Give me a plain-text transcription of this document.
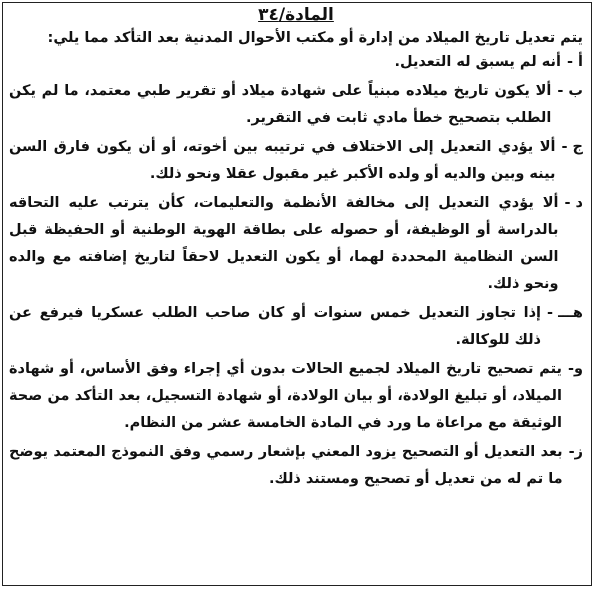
المادة/٣٤

يتم تعديل تاريخ الميلاد من إدارة أو مكتب الأحوال المدنية بعد التأكد مما يلي:

أ -
أنه لم يسبق له التعديل.
ب -
ألا يكون تاريخ ميلاده مبنياً على شهادة ميلاد أو تقرير طبي معتمد، ما لم يكن الطلب بتصحيح خطأ مادي ثابت في التقرير.
ج -
ألا يؤدي التعديل إلى الاختلاف في ترتيبه بين أخوته، أو أن يكون فارق السن بينه وبين والديه أو ولده الأكبر غير مقبول عقلا ونحو ذلك.
د -
ألا يؤدي التعديل إلى مخالفة الأنظمة والتعليمات، كأن يترتب عليه التحاقه بالدراسة أو الوظيفة، أو حصوله على بطاقة الهوية الوطنية أو الحفيظة قبل السن النظامية المحددة لهما، أو يكون التعديل لاحقاً لتاريخ إضافته مع والده ونحو ذلك.
هـــ -
إذا تجاوز التعديل خمس سنوات أو كان صاحب الطلب عسكريا فيرفع عن ذلك للوكالة.
و-
يتم تصحيح تاريخ الميلاد لجميع الحالات بدون أي إجراء وفق الأساس، أو شهادة الميلاد، أو تبليغ الولادة، أو بيان الولادة، أو شهادة التسجيل، بعد التأكد من صحة الوثيقة مع مراعاة ما ورد في المادة الخامسة عشر من النظام.
ز-
بعد التعديل أو التصحيح يزود المعني بإشعار رسمي وفق النموذج المعتمد يوضح ما تم له من تعديل أو تصحيح ومستند ذلك.
